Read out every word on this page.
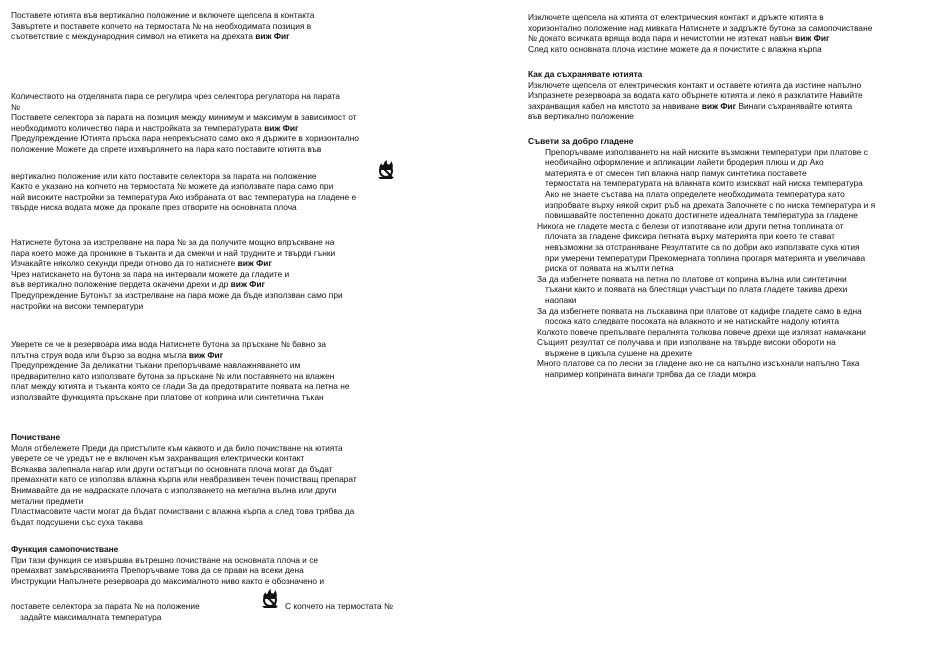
Поставете ютията във вертикално положение и включете щепсела в контакта
Завъртете и поставете копчето на термостата № на необходимата позиция в
съответствие с международния символ на етикета на дрехата виж Фиг
Количеството на отделяната пара се регулира чрез селектора регулатора на парата
№
Поставете селектора за парата на позиция между минимум и максимум в зависимост от
необходимото количество пара и настройката за температурата виж Фиг
Предупреждение Ютията пръска пара непрекъснато само ако я държите в хоризонтално
положение Можете да спрете изхвърлянето на пара като поставите ютията във
вертикално положение или като поставите селектора за парата на положение
Както е указано на копчето на термостата № можете да използвате пара само при
най високите настройки за температура Ако избраната от вас температура на гладене е
твърде ниска водата може да прокапе през отворите на основната плоча
Натиснете бутона за изстрелване на пара № за да получите мощно впръскване на
пара което може да проникне в тъканта и да смекчи и най трудните и твърди гънки
Изчакайте няколко секунди преди отново да го натиснете виж Фиг
Чрез натискането на бутона за пара на интервали можете да гладите и
във вертикално положение пердета окачени дрехи и др виж Фиг
Предупреждение Бутонът за изстрелване на пара може да бъде използван само при
настройки на високи температури
Уверете се че в резервоара има вода Натиснете бутона за пръскане № бавно за
плътна струя вода или бързо за водна мъгла виж Фиг
Предупреждение За деликатни тъкани препоръчваме навлажняването им
предварително като използвате бутона за пръскане № или поставянето на влажен
плат между ютията и тъканта която се глади За да предотвратите появата на петна не
използвайте функцията пръскане при платове от коприна или синтетична тъкан
Почистване
Моля отбележете Преди да пристъпите към каквото и да било почистване на ютията
уверете се че уредът не е включен към захранващия електрически контакт
Всякаква залепнала нагар или други остатъци по основната плоча могат да бъдат
премахнати като се използва влажна кърпа или неабразивен течен почистващ препарат
Внимавайте да не надраскате плочата с използването на метална вълна или други
метални предмети
Пластмасовите части могат да бъдат почиствани с влажна кърпа а след това трябва да
бъдат подсушени със суха такава
Функция самопочистване
При тази функция се извършва вътрешно почистване на основната плоча и се
премахват замърсяванията Препоръчваме това да се прави на всеки дена
Инструкции Напълнете резервоара до максималното ниво както е обозначено и
поставете селектора за парата № на положение	С копчето на термостата №
задайте максималната температура
Изключете щепсела на ютията от електрическия контакт и дръжте ютията в
хоризонтално положение над мивката Натиснете и задръжте бутона за самопочистване
№ докато всичката вряща вода пара и нечистотии не изтекат навън виж Фиг
След като основната плоча изстине можете да я почистите с влажна кърпа
Как да съхранявате ютията
Изключете щепсела от електрическия контакт и оставете ютията да изстине напълно
Изпразнете резервоара за водата като обърнете ютията и леко я разклатите Навийте
захранващия кабел на мястото за навиване виж Фиг Винаги съхранявайте ютията
във вертикално положение
Съвети за добро гладене
Препоръчваме използването на най ниските възможни температури при платове с
необичайно оформление и апликации лайети бродерия плюш и др Ако
материята е от смесен тип влакна напр памук синтетика поставете
термостата на температурата на влакната които изискват най ниска температура
Ако не знаете състава на плата определете необходимата температура като
изпробвате върху някой скрит ръб на дрехата Започнете с по ниска температура и я
повишавайте постепенно докато достигнете идеалната температура за гладене
Никога не гладете места с белези от изпотяване или други петна топлината от
плочата за гладене фиксира петната върху материята при което те стават
невъзможни за отстраняване Резултатите са по добри ако използвате суха ютия
при умерени температури Прекомерната топлина прогаря материята и увеличава
риска от появата на жълти петна
За да избегнете появата на петна по платове от коприна вълна или синтетични
тъкани както и появата на блестящи участъци по плата гладете такива дрехи
наопаки
За да избегнете появата на лъскавина при платове от кадифе гладете само в една
посока като следвате посоката на влакното и не натискайте надолу ютията
Колкото повече препълвате пералнята толкова повече дрехи ще излязат намачкани
Същият резултат се получава и при изполване на твърде високи обороти на
вържене в цикъла сушене на дрехите
Много платове са по лесни за гладене ако не са напълно изсъхнали напълно Така
например коприната винаги трябва да се глади мокра
